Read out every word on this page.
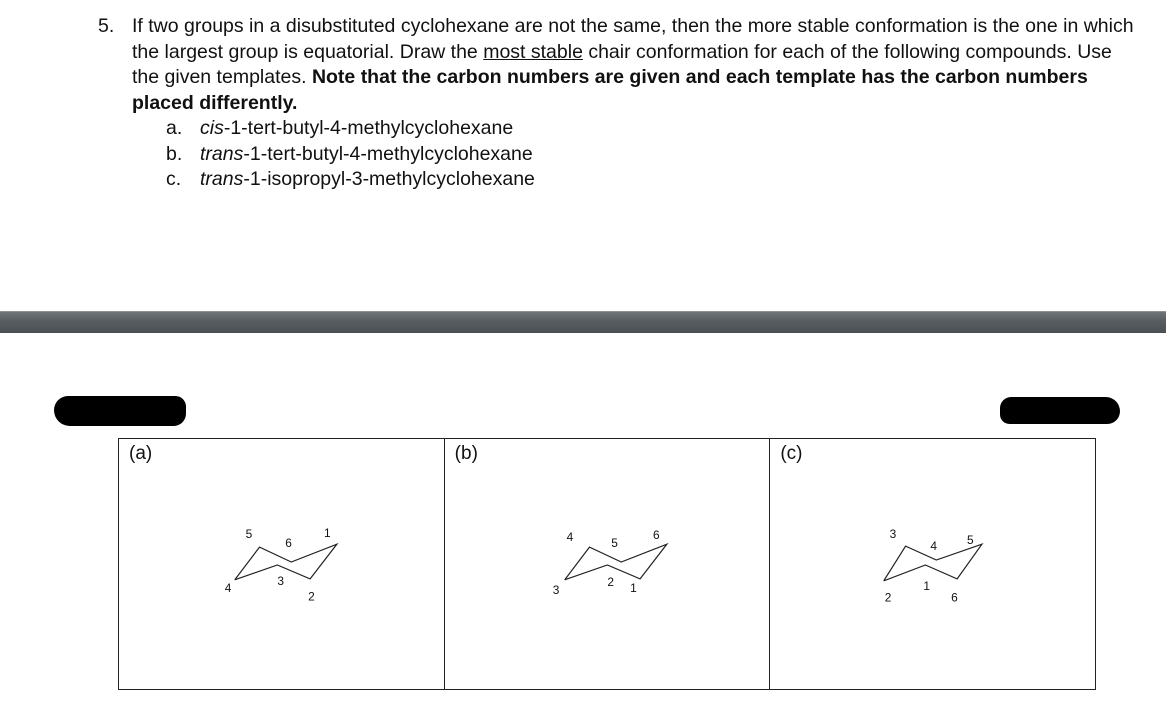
5. If two groups in a disubstituted cyclohexane are not the same, then the more stable conformation is the one in which the largest group is equatorial. Draw the most stable chair conformation for each of the following compounds. Use the given templates. Note that the carbon numbers are given and each template has the carbon numbers placed differently.
a. cis-1-tert-butyl-4-methylcyclohexane
b. trans-1-tert-butyl-4-methylcyclohexane
c. trans-1-isopropyl-3-methylcyclohexane
(a)
4
5
6
1
2
3
(b)
3
4	5
6
1
2
(c)
2
3
4	5
6
1
